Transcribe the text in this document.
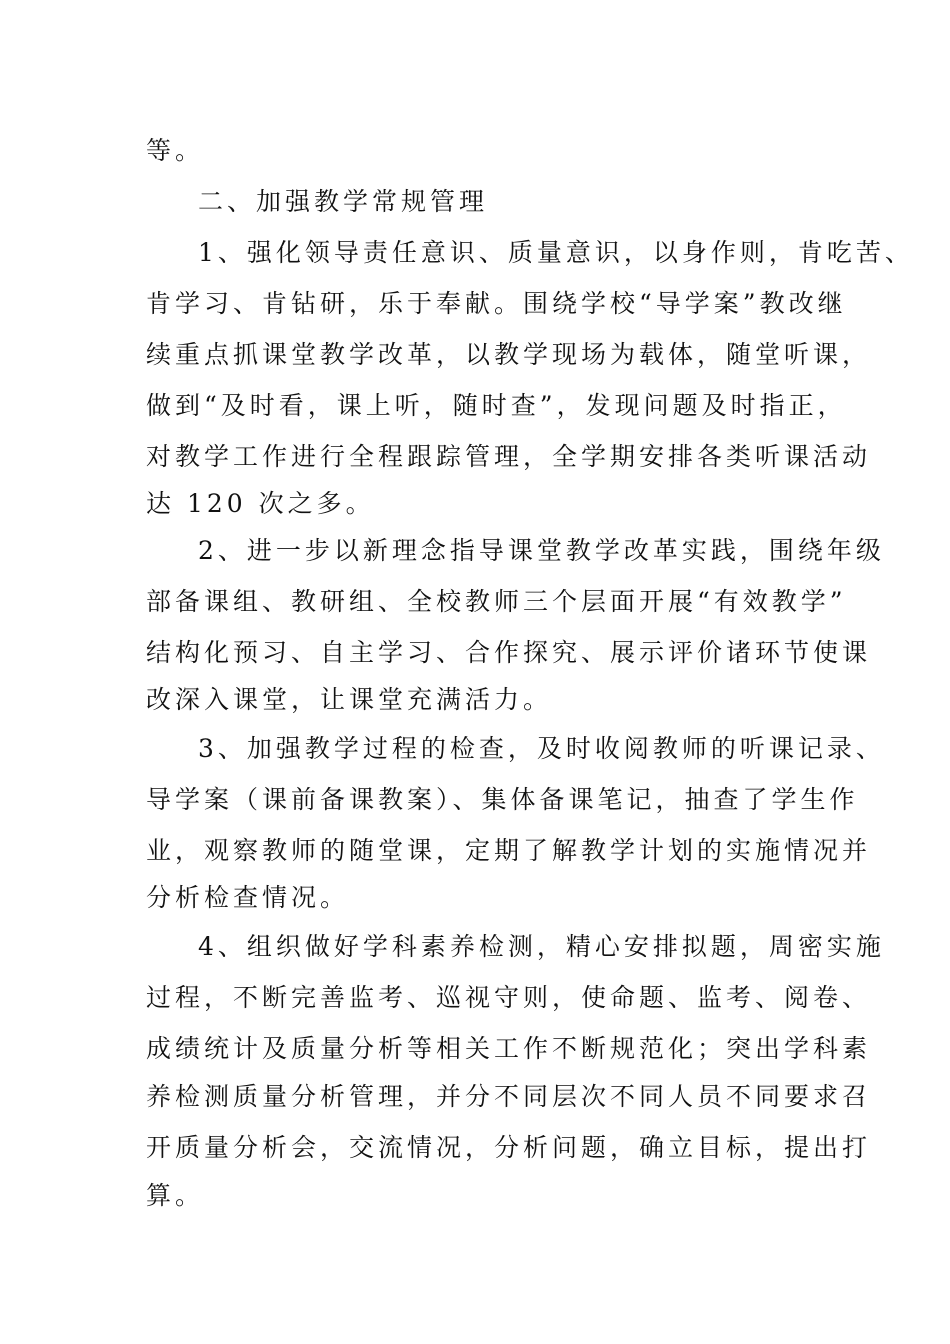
等。
二、加强教学常规管理
1、强化领导责任意识、质量意识，以身作则，肯吃苦、
肯学习、肯钻研，乐于奉献。围绕学校“导学案”教改继
续重点抓课堂教学改革，以教学现场为载体，随堂听课，
做到“及时看，课上听，随时查”，发现问题及时指正，
对教学工作进行全程跟踪管理，全学期安排各类听课活动
达 120 次之多。
2、进一步以新理念指导课堂教学改革实践，围绕年级
部备课组、教研组、全校教师三个层面开展“有效教学”
结构化预习、自主学习、合作探究、展示评价诸环节使课
改深入课堂，让课堂充满活力。
3、加强教学过程的检查，及时收阅教师的听课记录、
导学案（课前备课教案）、集体备课笔记，抽查了学生作
业，观察教师的随堂课，定期了解教学计划的实施情况并
分析检查情况。
4、组织做好学科素养检测，精心安排拟题，周密实施
过程，不断完善监考、巡视守则，使命题、监考、阅卷、
成绩统计及质量分析等相关工作不断规范化；突出学科素
养检测质量分析管理，并分不同层次不同人员不同要求召
开质量分析会，交流情况，分析问题，确立目标，提出打
算。
